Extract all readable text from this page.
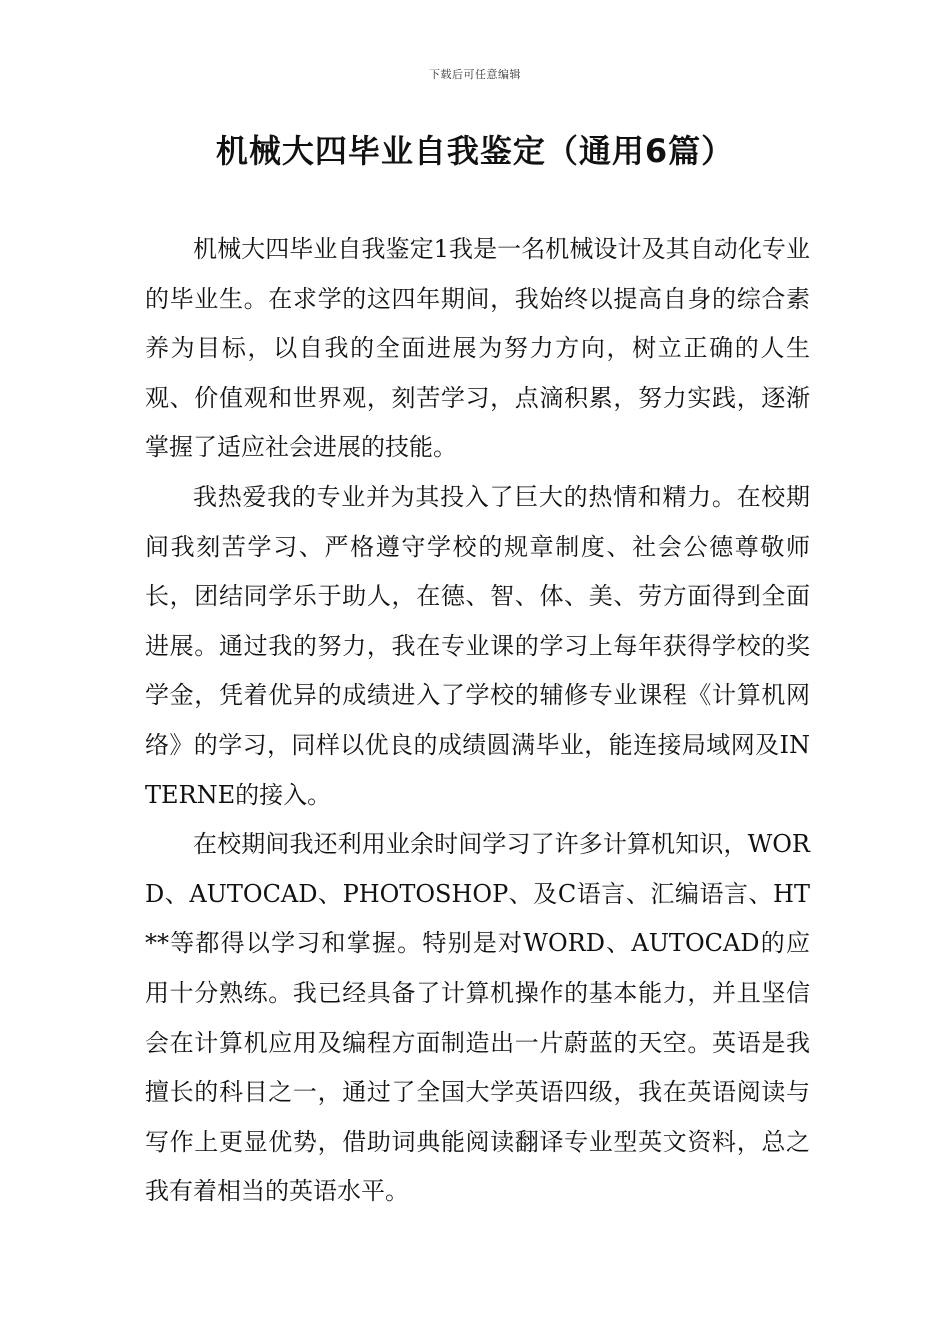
下载后可任意编辑
机械大四毕业自我鉴定（通用6篇）

机械大四毕业自我鉴定1我是一名机械设计及其自动化专业的毕业生。在求学的这四年期间，我始终以提高自身的综合素养为目标，以自我的全面进展为努力方向，树立正确的人生观、价值观和世界观，刻苦学习，点滴积累，努力实践，逐渐掌握了适应社会进展的技能。

我热爱我的专业并为其投入了巨大的热情和精力。在校期间我刻苦学习、严格遵守学校的规章制度、社会公德尊敬师长，团结同学乐于助人，在德、智、体、美、劳方面得到全面进展。通过我的努力，我在专业课的学习上每年获得学校的奖学金，凭着优异的成绩进入了学校的辅修专业课程《计算机网络》的学习，同样以优良的成绩圆满毕业，能连接局域网及INTERNE的接入。

在校期间我还利用业余时间学习了许多计算机知识，WORD、AUTOCAD、PHOTOSHOP、及C语言、汇编语言、HT**等都得以学习和掌握。特别是对WORD、AUTOCAD的应用十分熟练。我已经具备了计算机操作的基本能力，并且坚信会在计算机应用及编程方面制造出一片蔚蓝的天空。英语是我擅长的科目之一，通过了全国大学英语四级，我在英语阅读与写作上更显优势，借助词典能阅读翻译专业型英文资料，总之我有着相当的英语水平。
